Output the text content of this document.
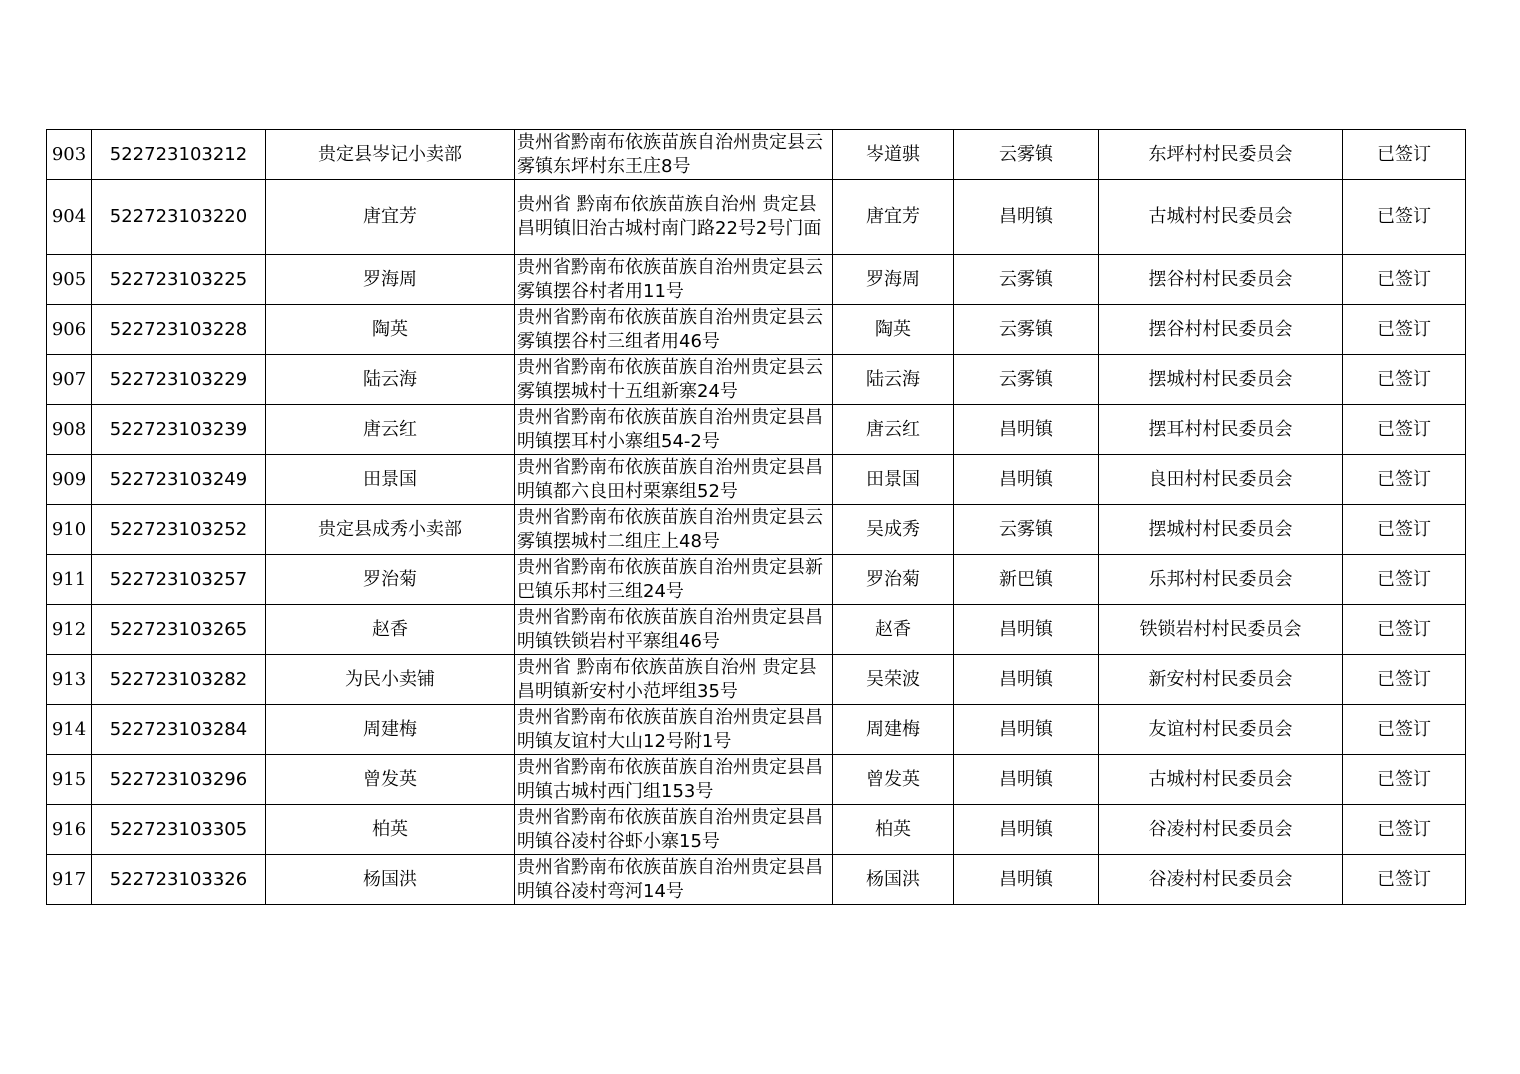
903	522723103212	贵定县岑记小卖部	贵州省黔南布依族苗族自治州贵定县云雾镇东坪村东王庄8号	岑道骐	云雾镇	东坪村村民委员会	已签订
904	522723103220	唐宜芳	贵州省 黔南布依族苗族自治州 贵定县昌明镇旧治古城村南门路22号2号门面	唐宜芳	昌明镇	古城村村民委员会	已签订
905	522723103225	罗海周	贵州省黔南布依族苗族自治州贵定县云雾镇摆谷村者用11号	罗海周	云雾镇	摆谷村村民委员会	已签订
906	522723103228	陶英	贵州省黔南布依族苗族自治州贵定县云雾镇摆谷村三组者用46号	陶英	云雾镇	摆谷村村民委员会	已签订
907	522723103229	陆云海	贵州省黔南布依族苗族自治州贵定县云雾镇摆城村十五组新寨24号	陆云海	云雾镇	摆城村村民委员会	已签订
908	522723103239	唐云红	贵州省黔南布依族苗族自治州贵定县昌明镇摆耳村小寨组54-2号	唐云红	昌明镇	摆耳村村民委员会	已签订
909	522723103249	田景国	贵州省黔南布依族苗族自治州贵定县昌明镇都六良田村栗寨组52号	田景国	昌明镇	良田村村民委员会	已签订
910	522723103252	贵定县成秀小卖部	贵州省黔南布依族苗族自治州贵定县云雾镇摆城村二组庄上48号	吴成秀	云雾镇	摆城村村民委员会	已签订
911	522723103257	罗治菊	贵州省黔南布依族苗族自治州贵定县新巴镇乐邦村三组24号	罗治菊	新巴镇	乐邦村村民委员会	已签订
912	522723103265	赵香	贵州省黔南布依族苗族自治州贵定县昌明镇铁锁岩村平寨组46号	赵香	昌明镇	铁锁岩村村民委员会	已签订
913	522723103282	为民小卖铺	贵州省 黔南布依族苗族自治州 贵定县昌明镇新安村小范坪组35号	吴荣波	昌明镇	新安村村民委员会	已签订
914	522723103284	周建梅	贵州省黔南布依族苗族自治州贵定县昌明镇友谊村大山12号附1号	周建梅	昌明镇	友谊村村民委员会	已签订
915	522723103296	曾发英	贵州省黔南布依族苗族自治州贵定县昌明镇古城村西门组153号	曾发英	昌明镇	古城村村民委员会	已签订
916	522723103305	柏英	贵州省黔南布依族苗族自治州贵定县昌明镇谷凌村谷虾小寨15号	柏英	昌明镇	谷凌村村民委员会	已签订
917	522723103326	杨国洪	贵州省黔南布依族苗族自治州贵定县昌明镇谷凌村弯河14号	杨国洪	昌明镇	谷凌村村民委员会	已签订
